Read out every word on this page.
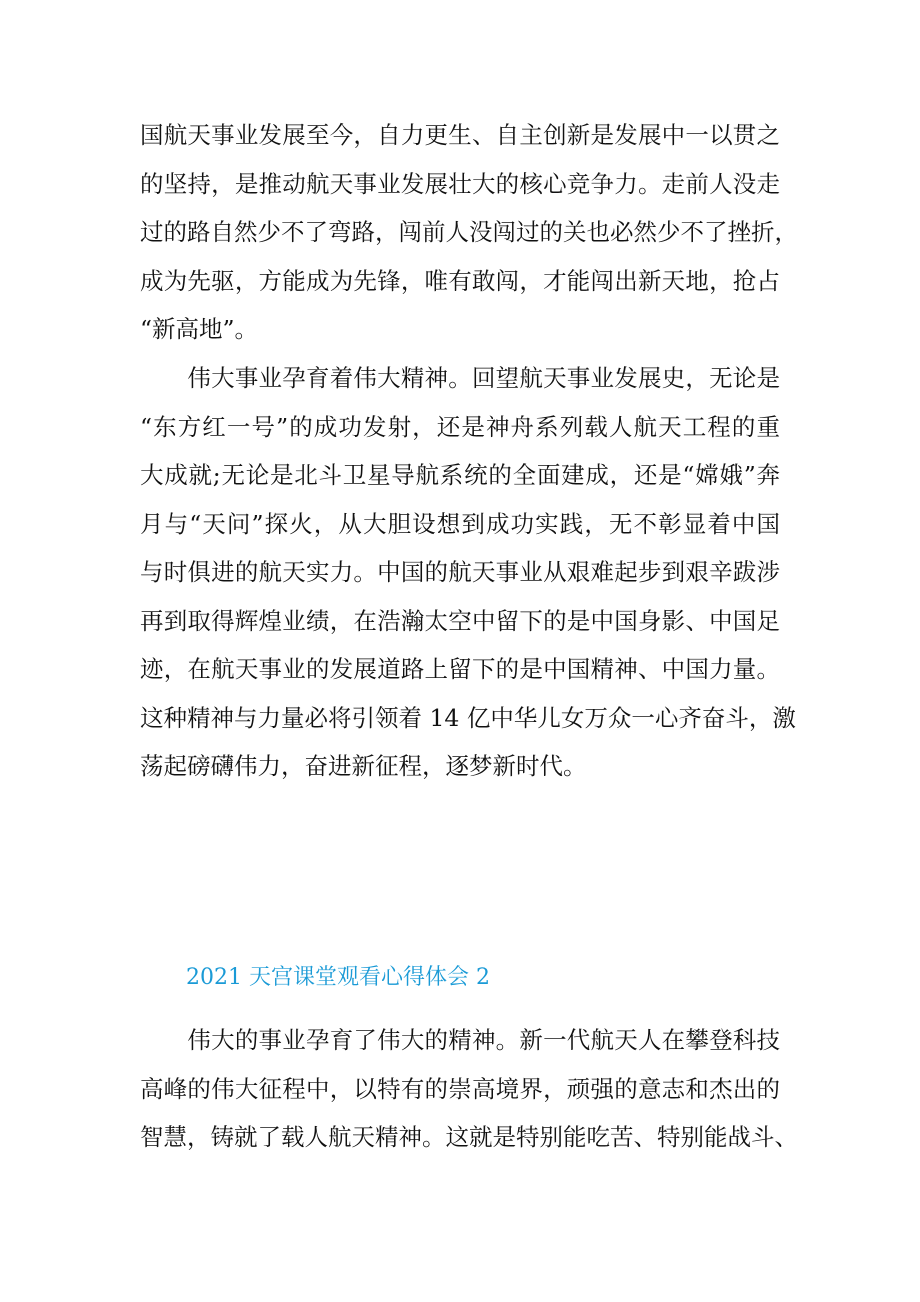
国航天事业发展至今，自力更生、自主创新是发展中一以贯之
的坚持，是推动航天事业发展壮大的核心竞争力。走前人没走
过的路自然少不了弯路，闯前人没闯过的关也必然少不了挫折，
成为先驱，方能成为先锋，唯有敢闯，才能闯出新天地，抢占
“新高地”。
　　伟大事业孕育着伟大精神。回望航天事业发展史，无论是
“东方红一号”的成功发射，还是神舟系列载人航天工程的重
大成就;无论是北斗卫星导航系统的全面建成，还是“嫦娥”奔
月与“天问”探火，从大胆设想到成功实践，无不彰显着中国
与时俱进的航天实力。中国的航天事业从艰难起步到艰辛跋涉
再到取得辉煌业绩，在浩瀚太空中留下的是中国身影、中国足
迹，在航天事业的发展道路上留下的是中国精神、中国力量。
这种精神与力量必将引领着 14 亿中华儿女万众一心齐奋斗，激
荡起磅礴伟力，奋进新征程，逐梦新时代。
2021 天宫课堂观看心得体会 2
　　伟大的事业孕育了伟大的精神。新一代航天人在攀登科技
高峰的伟大征程中，以特有的崇高境界，顽强的意志和杰出的
智慧，铸就了载人航天精神。这就是特别能吃苦、特别能战斗、
